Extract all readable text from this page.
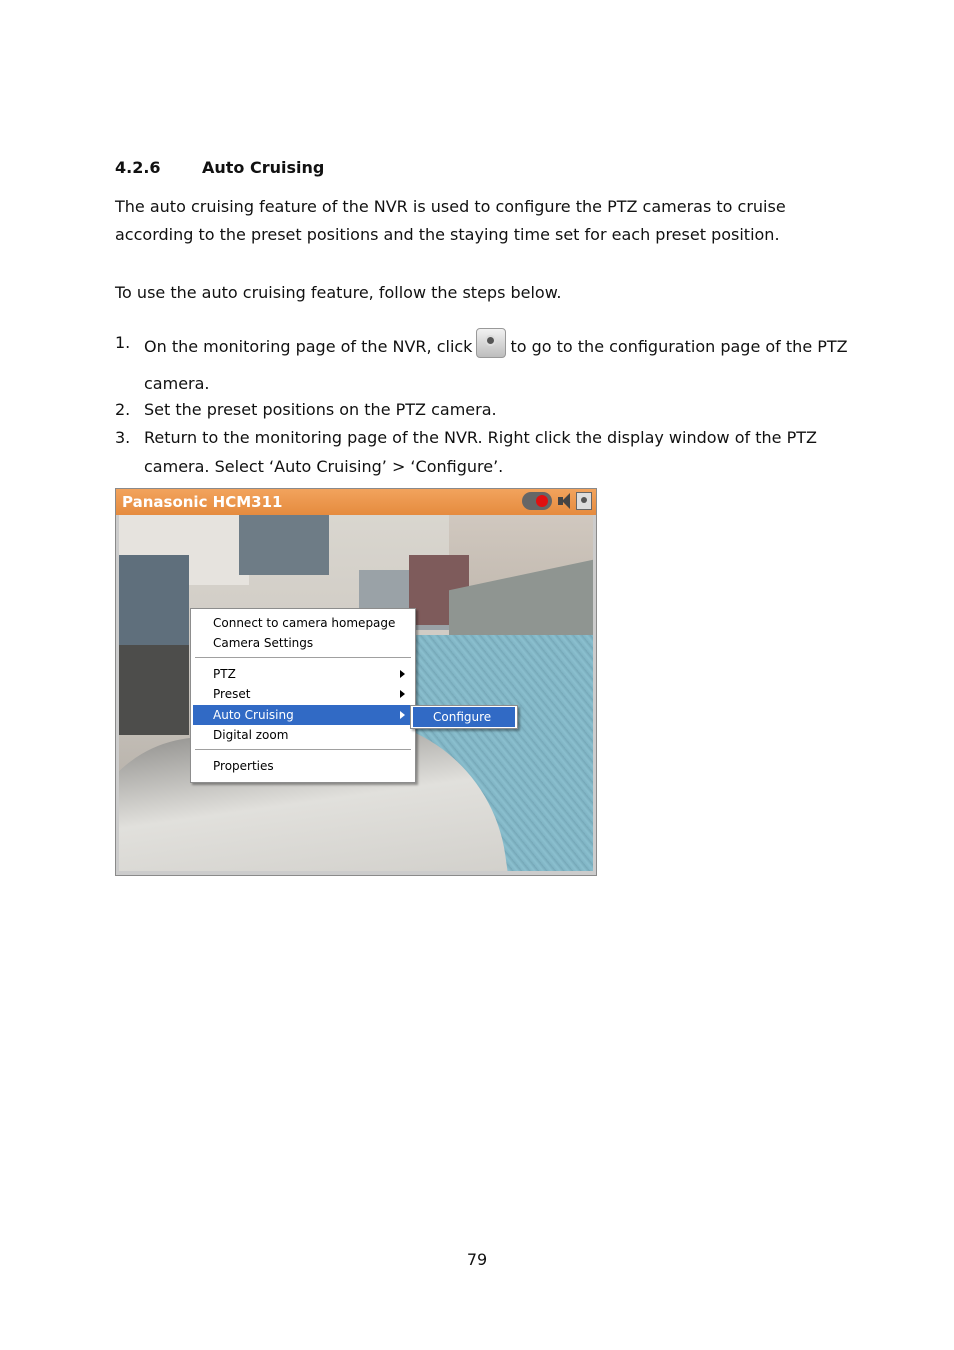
4.2.6	Auto Cruising
The auto cruising feature of the NVR is used to configure the PTZ cameras to cruise
according to the preset positions and the staying time set for each preset position.
To use the auto cruising feature, follow the steps below.
1. On the monitoring page of the NVR, click to go to the configuration page of the PTZ
camera.
2. Set the preset positions on the PTZ camera.
3. Return to the monitoring page of the NVR. Right click the display window of the PTZ
camera. Select ‘Auto Cruising’ > ‘Configure’.
Panasonic HCM311
Connect to camera homepage
Camera Settings
PTZ
Preset
Auto Cruising
Digital zoom
Properties
Configure
79
